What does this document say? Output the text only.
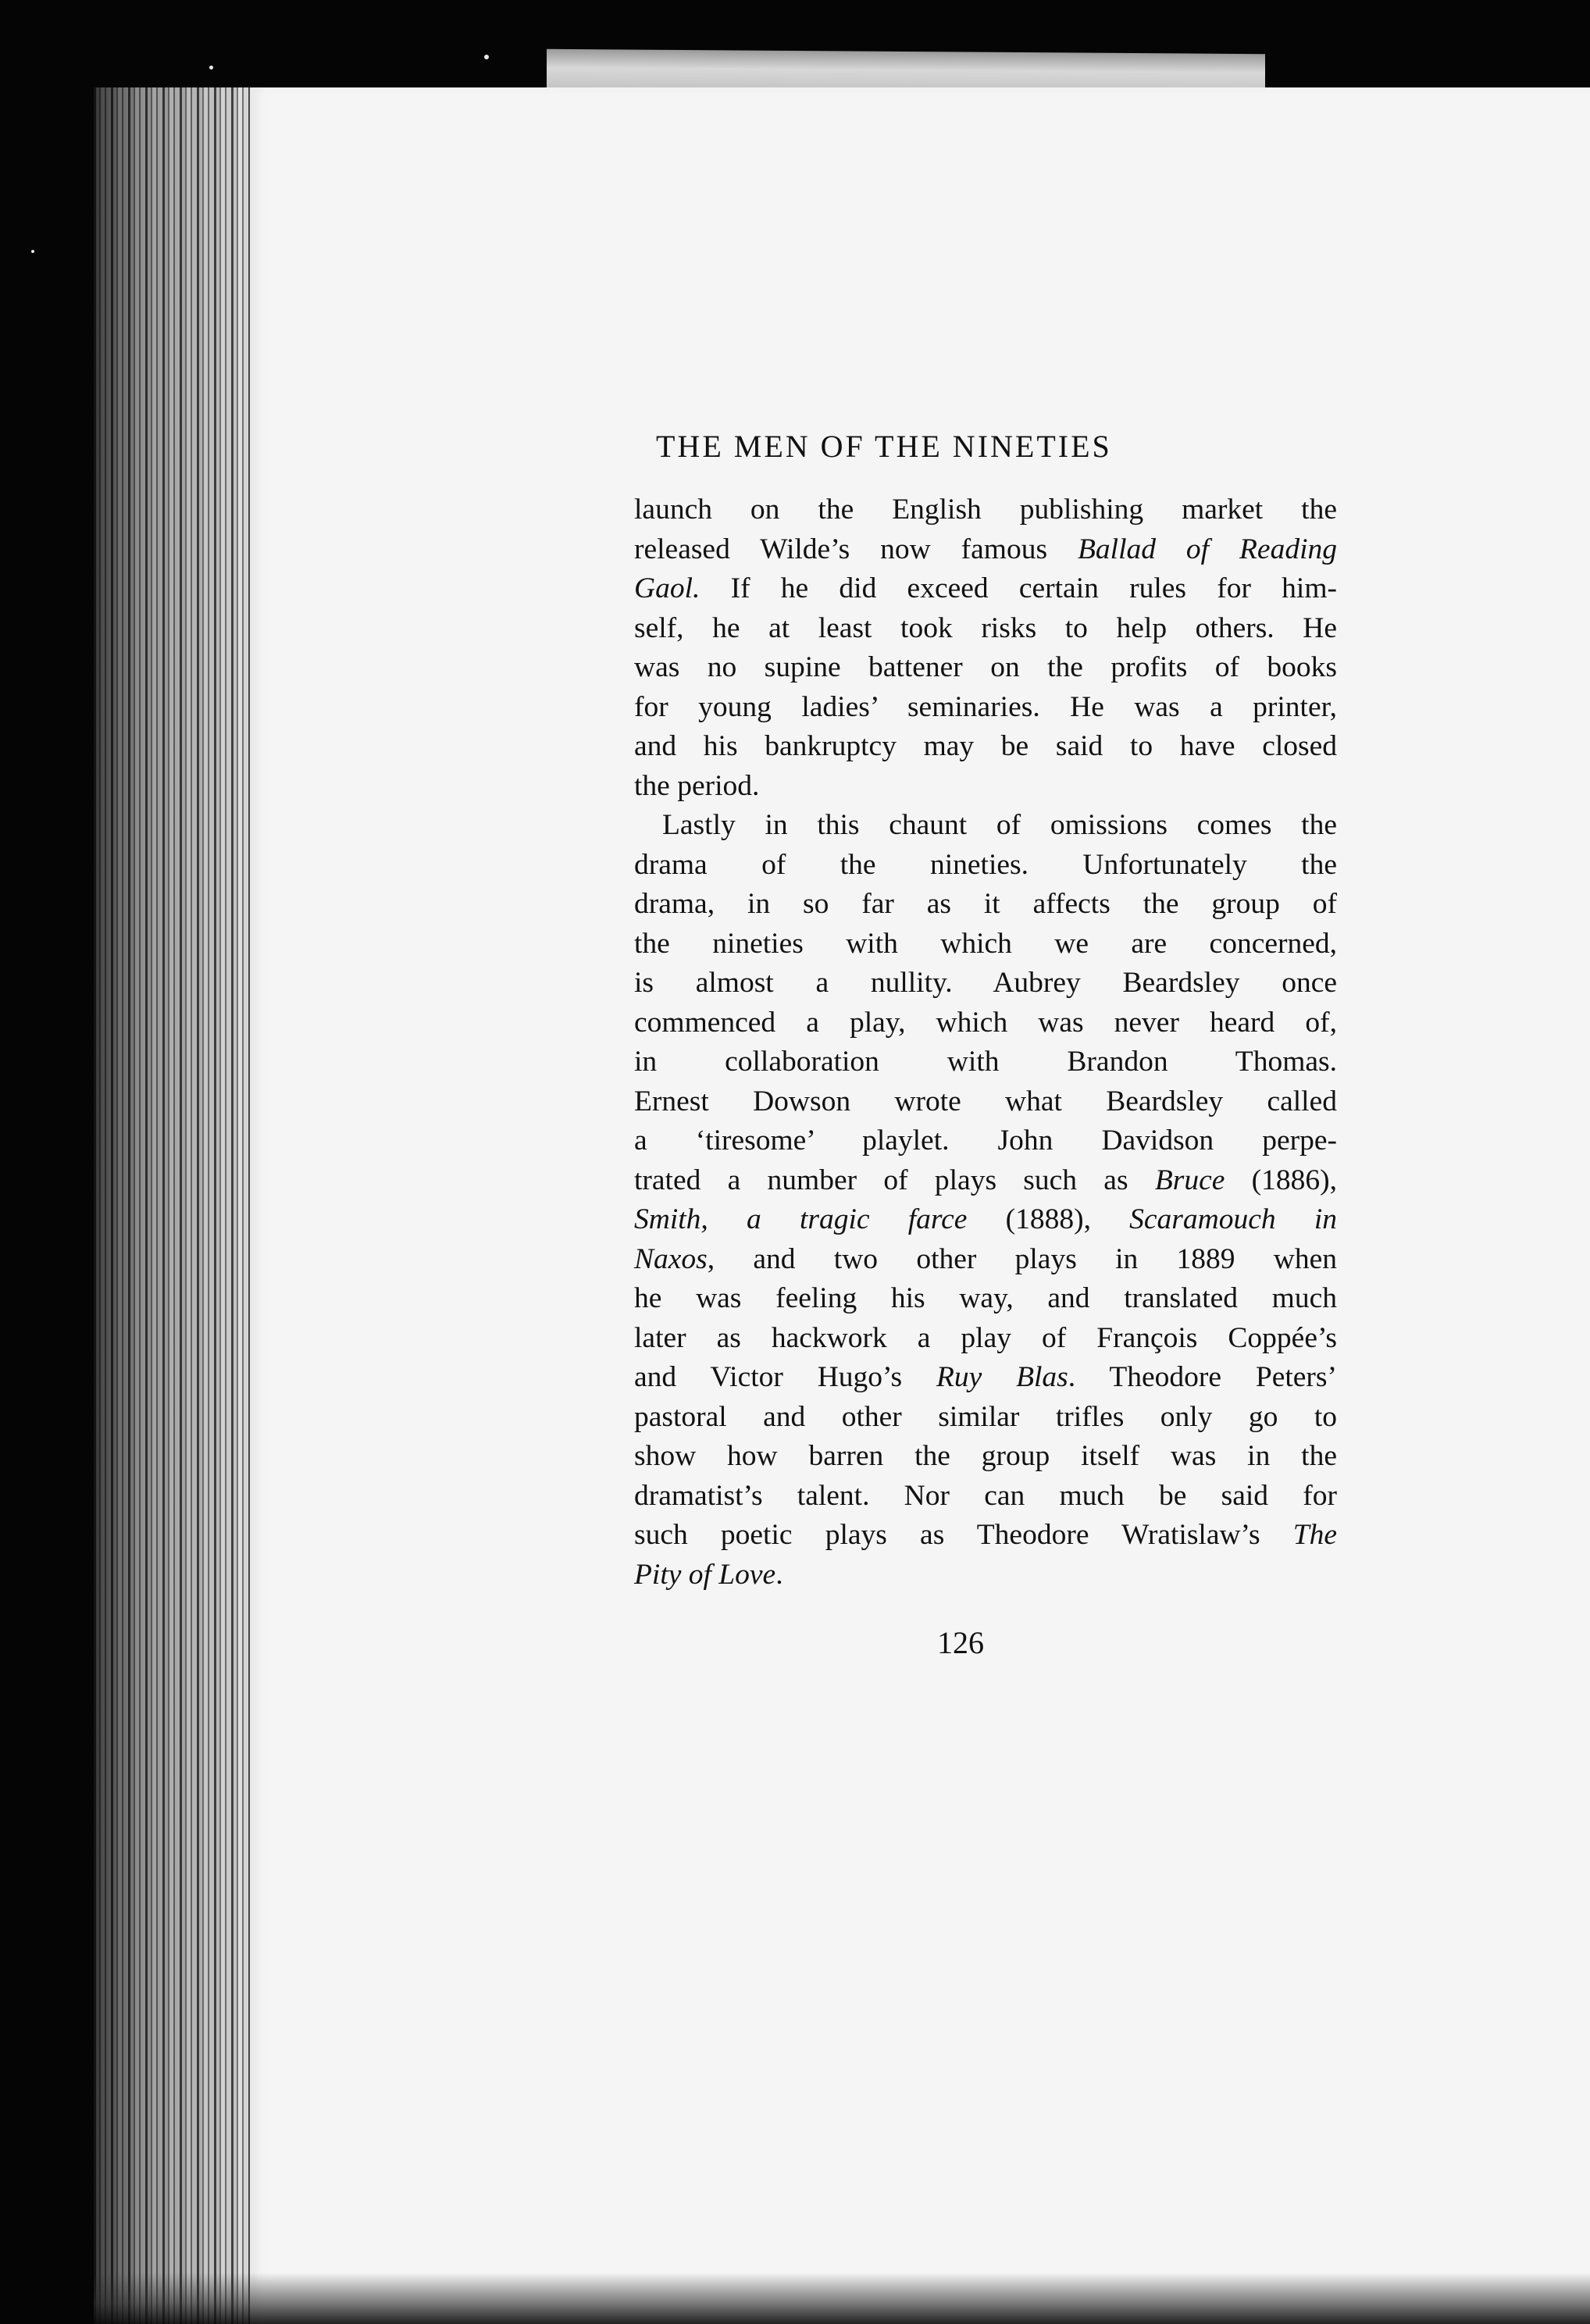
THE MEN OF THE NINETIES
launch on the English publishing market the
released Wilde’s now famous Ballad of Reading
Gaol. If he did exceed certain rules for him-
self, he at least took risks to help others. He
was no supine battener on the profits of books
for young ladies’ seminaries. He was a printer,
and his bankruptcy may be said to have closed
the period.
Lastly in this chaunt of omissions comes the
drama of the nineties. Unfortunately the
drama, in so far as it affects the group of
the nineties with which we are concerned,
is almost a nullity. Aubrey Beardsley once
commenced a play, which was never heard of,
in collaboration with Brandon Thomas.
Ernest Dowson wrote what Beardsley called
a ‘tiresome’ playlet. John Davidson perpe-
trated a number of plays such as Bruce (1886),
Smith, a tragic farce (1888), Scaramouch in
Naxos, and two other plays in 1889 when
he was feeling his way, and translated much
later as hackwork a play of François Coppée’s
and Victor Hugo’s Ruy Blas. Theodore Peters’
pastoral and other similar trifles only go to
show how barren the group itself was in the
dramatist’s talent. Nor can much be said for
such poetic plays as Theodore Wratislaw’s The
Pity of Love.
126
